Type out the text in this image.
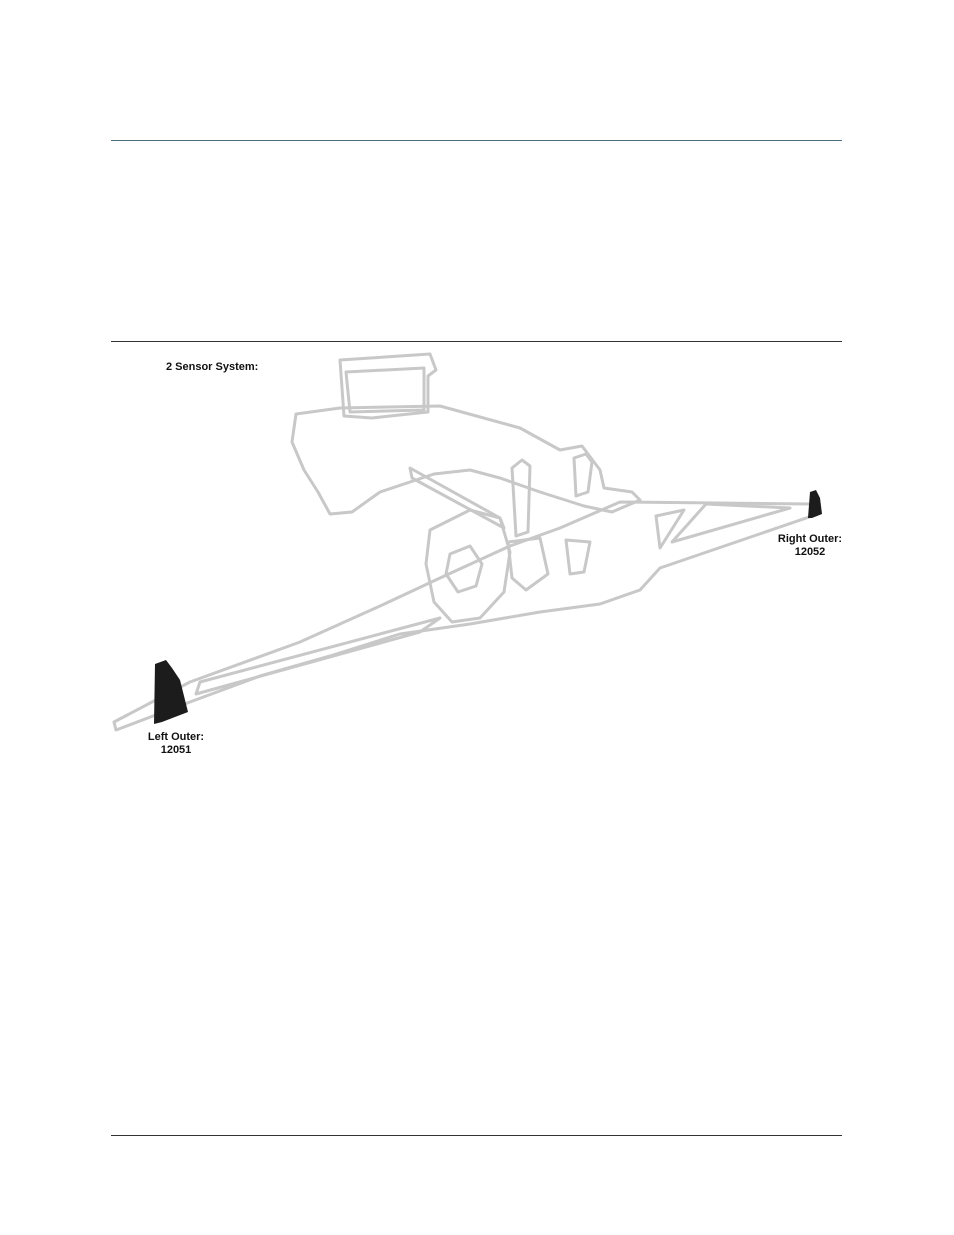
2 Sensor System:
Right Outer:
12052
Left Outer:
12051
